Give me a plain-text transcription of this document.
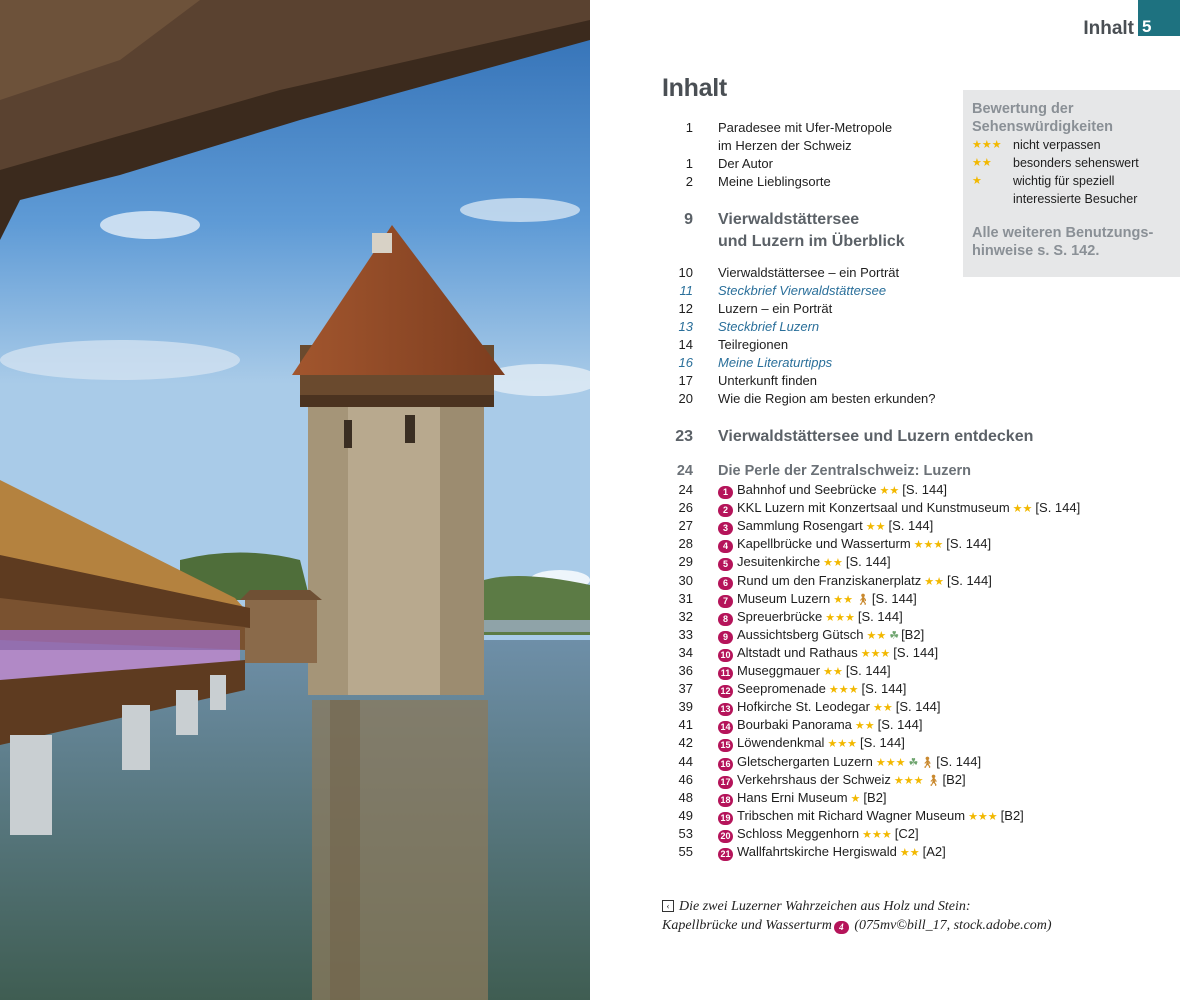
Inhalt 5
Inhalt
Bewertung der
Sehenswürdigkeiten
★★★ nicht verpassen
★★ besonders sehenswert
★ wichtig für speziell
interessierte Besucher
Alle weiteren Benutzungs-
hinweise s. S. 142.
1 Paradesee mit Ufer-Metropole
im Herzen der Schweiz
1 Der Autor
2 Meine Lieblingsorte
9 Vierwaldstättersee
und Luzern im Überblick
10 Vierwaldstättersee – ein Porträt
11 Steckbrief Vierwaldstättersee
12 Luzern – ein Porträt
13 Steckbrief Luzern
14 Teilregionen
16 Meine Literaturtipps
17 Unterkunft finden
20 Wie die Region am besten erkunden?
23 Vierwaldstättersee und Luzern entdecken
24 Die Perle der Zentralschweiz: Luzern
24	1 Bahnhof und Seebrücke ★★ [S. 144]
26	2 KKL Luzern mit Konzertsaal und Kunstmuseum ★★ [S. 144]
27	3 Sammlung Rosengart ★★ [S. 144]
28	4 Kapellbrücke und Wasserturm ★★★ [S. 144]
29	5 Jesuitenkirche ★★ [S. 144]
30	6 Rund um den Franziskanerplatz ★★ [S. 144]
31	7 Museum Luzern ★★ 🚶︎ [S. 144]
32	8 Spreuerbrücke ★★★ [S. 144]
33	9 Aussichtsberg Gütsch ★★ ☘ [B2]
34	10 Altstadt und Rathaus ★★★ [S. 144]
36	11 Museggmauer ★★ [S. 144]
37	12 Seepromenade ★★★ [S. 144]
39	13 Hofkirche St. Leodegar ★★ [S. 144]
41	14 Bourbaki Panorama ★★ [S. 144]
42	15 Löwendenkmal ★★★ [S. 144]
44	16 Gletschergarten Luzern ★★★ ☘ 🚶︎ [S. 144]
46	17 Verkehrshaus der Schweiz ★★★ 🚶︎ [B2]
48	18 Hans Erni Museum ★ [B2]
49	19 Tribschen mit Richard Wagner Museum ★★★ [B2]
53	20 Schloss Meggenhorn ★★★ [C2]
55	21 Wallfahrtskirche Hergiswald ★★ [A2]
‹ Die zwei Luzerner Wahrzeichen aus Holz und Stein:
Kapellbrücke und Wasserturm 4 (075mv©bill_17, stock.adobe.com)
